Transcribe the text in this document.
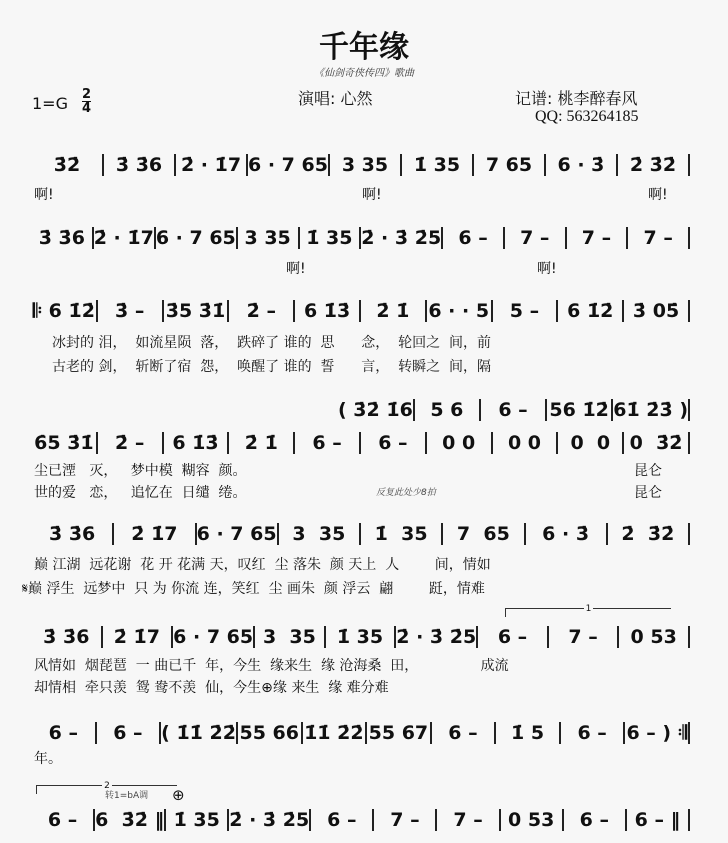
千年缘
《仙剑奇侠传四》歌曲
演唱: 心然	记谱: 桃李醉春风
QQ: 563264185
1=G 2
4
3̇2̇	3̇ 3̇6 2̇ · 1̇7 6 · 7 65 3 35	1̇ 35	7 65	6 · 3̇	2̇ 3̇2̇
3̇ 3̇6 2̇ · 1̇7 6 · 7 65 3 35 1̇ 35 2̇ · 3̇ 2̇5 6 –	7 –	7 –	7 –
𝄆 6 1̇2̇	3̇ –	3̇5 3̇1̇	2̇ –	6 1̇3̇	2̇ 1̇ 6 · · 5	5 –	6 1̇2̇	3̇ 05̇
( 3̇2̇ 1̇6 5 6	6 –	56 1̇2̇ 61̇ 2̇3̇ )
6̇5 3̇1̇	2̇ –	6 1̇3̇	2̇ 1̇	6 –	6 –	0 0	0 0	0  0	0  3̇2̇
3̇ 3̇6	2̇ 1̇7	6 · 7 65 3  35	1̇  35	7  65	6 · 3̇	2̇  3̇2̇
3̇ 3̇6	2̇ 1̇7 6 · 7 65 3  35	1̇ 35 2̇ · 3̇ 2̇5	6 –	7 –	0 53
6 –	6 – ( 1̇1̇ 2̇2̇ 55 66 1̇1̇ 2̇2̇ 55 67	6 –	1̇ 5	6 –	6 – ) 𝄇
6 – 6  3̇2̇ ‖ 1̇ 35 2̇ · 3̇ 2̇5 6 –	7 –	7 –	0 53	6 –	6 – ‖
啊!	啊!	啊!
啊!	啊!
冰封的 泪，  如流星陨  落，  跌碎了 谁的  思      念，  轮回之  间，前
古老的 剑，  斩断了宿  怨，  唤醒了 谁的  誓      言，  转瞬之  间，隔
尘已湮   灭，   梦中模  糊容  颜。
世的爱   恋，   追忆在  日缱  绻。	反复此处少8拍
昆仑
昆仑
巅 江湖  远花谢  花 开 花满 天，叹红  尘 落朱  颜 天上  人        间，情如
𝄋巅 浮生  远梦中  只 为 你流 连，笑红  尘 画朱  颜 浮云  翩        跹，情难
1
风情如  烟琵琶  一 曲已千  年，今生  缘来生  缘 沧海桑  田，              成流
却情相  牵只羡  鸳 鸯不羡  仙，今生⊕缘 来生  缘 难分难
年。
2
转1=bA调 ⊕
